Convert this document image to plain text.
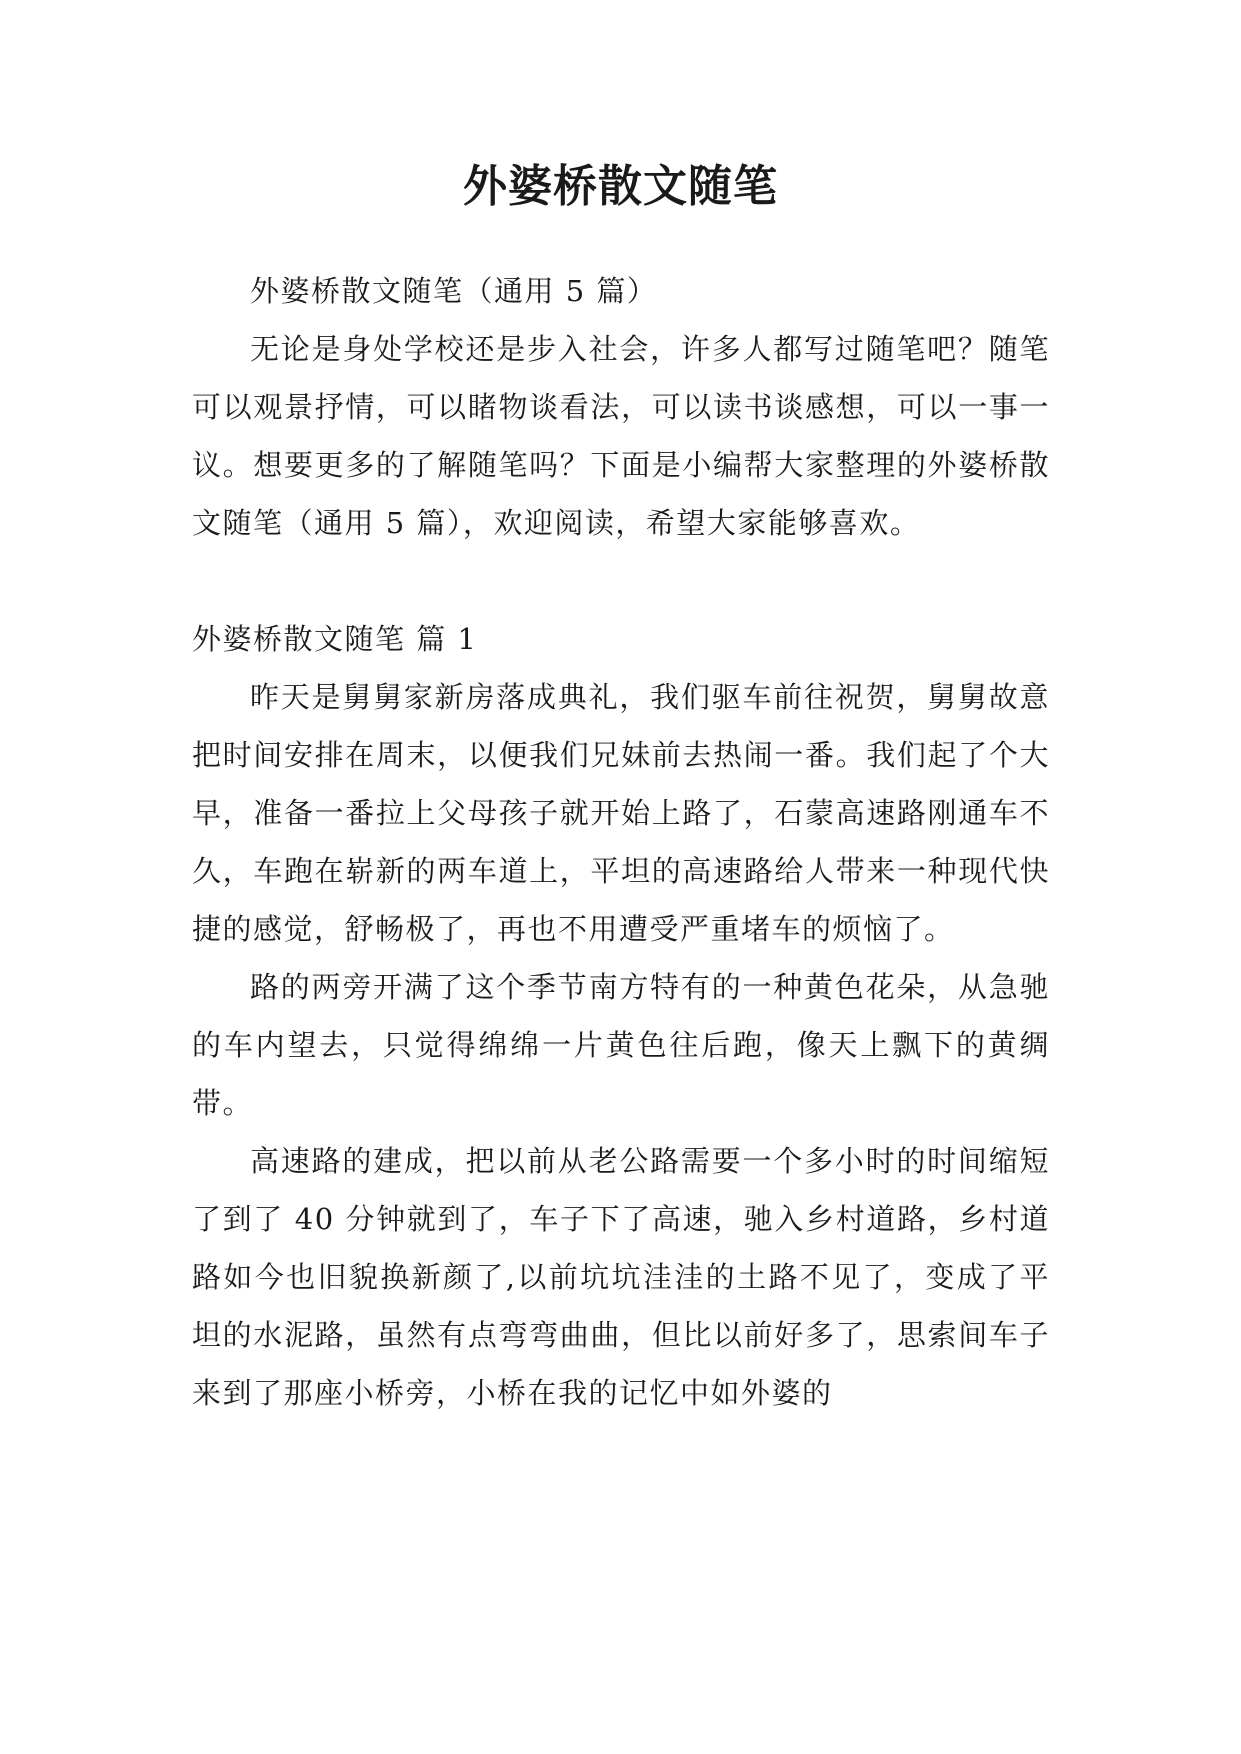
外婆桥散文随笔

外婆桥散文随笔（通用 5 篇）

无论是身处学校还是步入社会，许多人都写过随笔吧？随笔可以观景抒情，可以睹物谈看法，可以读书谈感想，可以一事一议。想要更多的了解随笔吗？下面是小编帮大家整理的外婆桥散文随笔（通用 5 篇），欢迎阅读，希望大家能够喜欢。

外婆桥散文随笔 篇 1

昨天是舅舅家新房落成典礼，我们驱车前往祝贺，舅舅故意把时间安排在周末，以便我们兄妹前去热闹一番。我们起了个大早，准备一番拉上父母孩子就开始上路了，石蒙高速路刚通车不久，车跑在崭新的两车道上，平坦的高速路给人带来一种现代快捷的感觉，舒畅极了，再也不用遭受严重堵车的烦恼了。

路的两旁开满了这个季节南方特有的一种黄色花朵，从急驰的车内望去，只觉得绵绵一片黄色往后跑，像天上飘下的黄绸带。

高速路的建成，把以前从老公路需要一个多小时的时间缩短了到了 40 分钟就到了，车子下了高速，驰入乡村道路，乡村道路如今也旧貌换新颜了,以前坑坑洼洼的土路不见了，变成了平坦的水泥路，虽然有点弯弯曲曲，但比以前好多了，思索间车子来到了那座小桥旁，小桥在我的记忆中如外婆的
